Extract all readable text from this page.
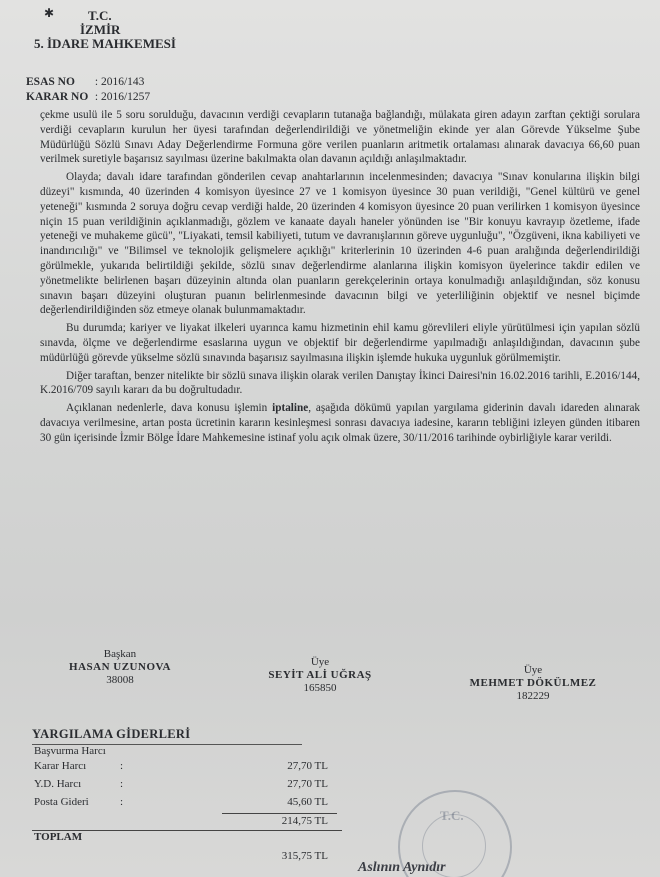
T.C.
✱
İZMİR
5. İDARE MAHKEMESİ
ESAS NO : 2016/143
KARAR NO : 2016/1257

çekme usulü ile 5 soru sorulduğu, davacının verdiği cevapların tutanağa bağlandığı, mülakata giren adayın zarftan çektiği sorulara verdiği cevapların kurulun her üyesi tarafından değerlendirildiği ve yönetmeliğin ekinde yer alan Görevde Yükselme Şube Müdürlüğü Sözlü Sınavı Aday Değerlendirme Formuna göre verilen puanların aritmetik ortalaması alınarak davacıya 66,60 puan verilmek suretiyle başarısız sayılması üzerine bakılmakta olan davanın açıldığı anlaşılmaktadır.

Olayda; davalı idare tarafından gönderilen cevap anahtarlarının incelenmesinden; davacıya "Sınav konularına ilişkin bilgi düzeyi" kısmında, 40 üzerinden 4 komisyon üyesince 27 ve 1 komisyon üyesince 30 puan verildiği, "Genel kültürü ve genel yeteneği" kısmında 2 soruya doğru cevap verdiği halde, 20 üzerinden 4 komisyon üyesince 20 puan verilirken 1 komisyon üyesince niçin 15 puan verildiğinin açıklanmadığı, gözlem ve kanaate dayalı haneler yönünden ise "Bir konuyu kavrayıp özetleme, ifade yeteneği ve muhakeme gücü", "Liyakati, temsil kabiliyeti, tutum ve davranışlarının göreve uygunluğu", "Özgüveni, ikna kabiliyeti ve inandırıcılığı" ve "Bilimsel ve teknolojik gelişmelere açıklığı" kriterlerinin 10 üzerinden 4-6 puan aralığında değerlendirildiği görülmekle, yukarıda belirtildiği şekilde, sözlü sınav değerlendirme alanlarına ilişkin komisyon üyelerince takdir edilen ve yönetmelikte belirlenen başarı düzeyinin altında olan puanların gerekçelerinin ortaya konulmadığı anlaşıldığından, söz konusu sınavın başarı düzeyini oluşturan puanın belirlenmesinde davacının bilgi ve yeterliliğinin objektif ve nesnel biçimde değerlendirildiğinden söz etmeye olanak bulunmamaktadır.

Bu durumda; kariyer ve liyakat ilkeleri uyarınca kamu hizmetinin ehil kamu görevlileri eliyle yürütülmesi için yapılan sözlü sınavda, ölçme ve değerlendirme esaslarına uygun ve objektif bir değerlendirme yapılmadığı anlaşıldığından, davacının şube müdürlüğü görevde yükselme sözlü sınavında başarısız sayılmasına ilişkin işlemde hukuka uygunluk görülmemiştir.

Diğer taraftan, benzer nitelikte bir sözlü sınava ilişkin olarak verilen Danıştay İkinci Dairesi'nin 16.02.2016 tarihli, E.2016/144, K.2016/709 sayılı kararı da bu doğrultudadır.

Açıklanan nedenlerle, dava konusu işlemin iptaline, aşağıda dökümü yapılan yargılama giderinin davalı idareden alınarak davacıya verilmesine, artan posta ücretinin kararın kesinleşmesi sonrası davacıya iadesine, kararın tebliğini izleyen günden itibaren 30 gün içerisinde İzmir Bölge İdare Mahkemesine istinaf yolu açık olmak üzere, 30/11/2016 tarihinde oybirliğiyle karar verildi.

Başkan
HASAN UZUNOVA
38008
Üye
SEYİT ALİ UĞRAŞ
165850
Üye
MEHMET DÖKÜLMEZ
182229
YARGILAMA GİDERLERİ
Başvurma Harcı
Karar Harcı	:	27,70 TL
Y.D. Harcı	:	27,70 TL
Posta Gideri	:	45,60 TL
214,75 TL
TOPLAM
315,75 TL
T.C.
Aslının Aynıdır
